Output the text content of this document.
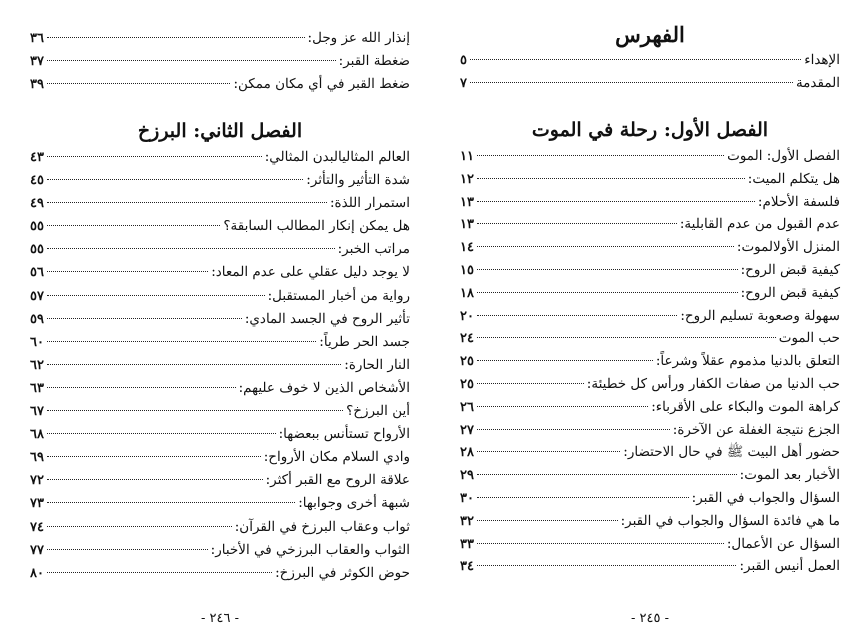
إنذار الله عز وجل:
٣٦
ضغطة القبر:
٣٧
ضغط القبر في أي مكان ممكن:
٣٩
الفصل الثاني: البرزخ
العالم المثاليالبدن المثالي:
٤٣
شدة التأثير والتأثر:
٤٥
استمرار اللذة:
٤٩
هل يمكن إنكار المطالب السابقة؟
٥٥
مراتب الخبر:
٥٥
لا يوجد دليل عقلي على عدم المعاد:
٥٦
رواية من أخبار المستقبل:
٥٧
تأثير الروح في الجسد المادي:
٥٩
جسد الحر طرياً:
٦٠
النار الحارة:
٦٢
الأشخاص الذين لا خوف عليهم:
٦٣
أين البرزخ؟
٦٧
الأرواح تستأنس ببعضها:
٦٨
وادي السلام مكان الأرواح:
٦٩
علاقة الروح مع القبر أكثر:
٧٢
شبهة أخرى وجوابها:
٧٣
ثواب وعقاب البرزخ في القرآن:
٧٤
الثواب والعقاب البرزخي في الأخبار:
٧٧
حوض الكوثر في البرزخ:
٨٠
- ٢٤٦ -
الفهرس
الإهداء
٥
المقدمة
٧
الفصل الأول: رحلة في الموت
الفصل الأول: الموت
١١
هل يتكلم الميت:
١٢
فلسفة الأحلام:
١٣
عدم القبول من عدم القابلية:
١٣
المنزل الأولالموت:
١٤
كيفية قبض الروح:
١٥
كيفية قبض الروح:
١٨
سهولة وصعوبة تسليم الروح:
٢٠
حب الموت
٢٤
التعلق بالدنيا مذموم عقلاً وشرعاً:
٢٥
حب الدنيا من صفات الكفار ورأس كل خطيئة:
٢٥
كراهة الموت والبكاء على الأقرباء:
٢٦
الجزع نتيجة الغفلة عن الآخرة:
٢٧
حضور أهل البيت ﷺ في حال الاحتضار:
٢٨
الأخبار بعد الموت:
٢٩
السؤال والجواب في القبر:
٣٠
ما هي فائدة السؤال والجواب في القبر:
٣٢
السؤال عن الأعمال:
٣٣
العمل أنيس القبر:
٣٤
- ٢٤٥ -
